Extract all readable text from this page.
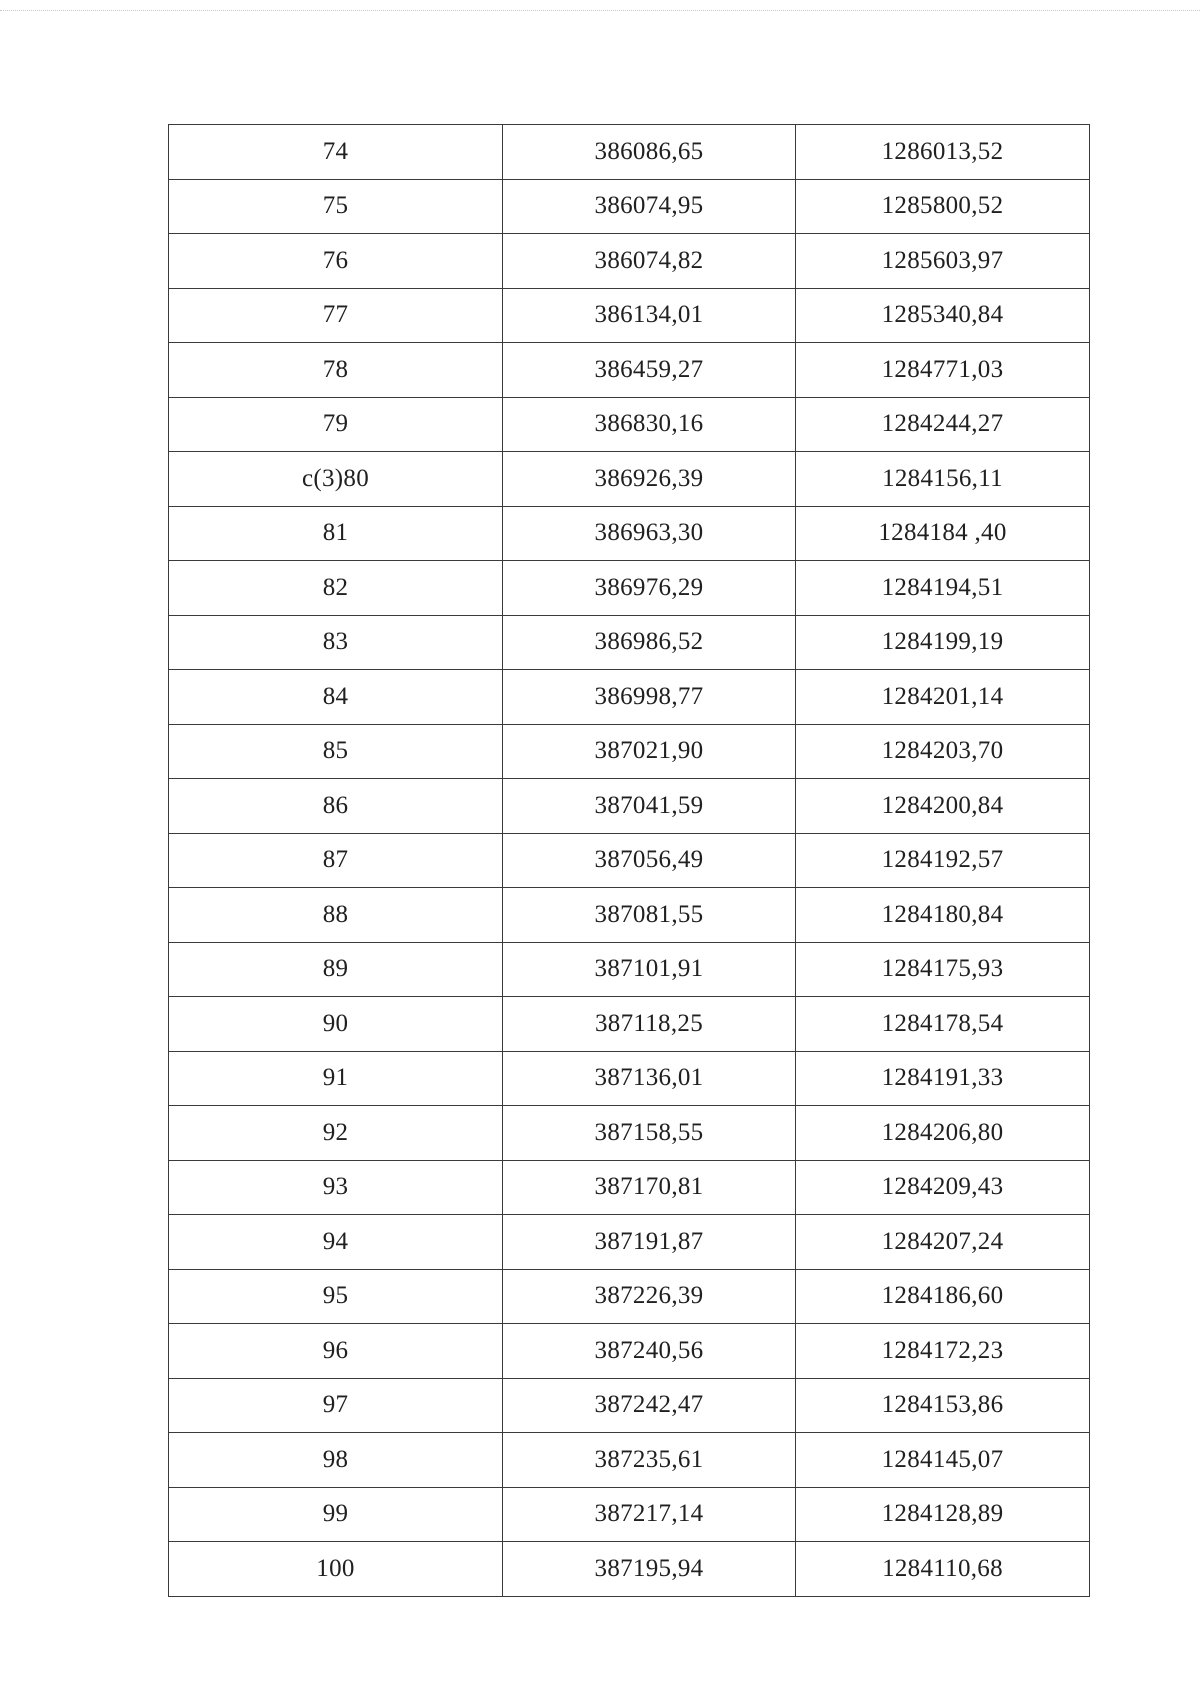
74	386086,65	1286013,52
75	386074,95	1285800,52
76	386074,82	1285603,97
77	386134,01	1285340,84
78	386459,27	1284771,03
79	386830,16	1284244,27
c(3)80	386926,39	1284156,11
81	386963,30	1284184 ,40
82	386976,29	1284194,51
83	386986,52	1284199,19
84	386998,77	1284201,14
85	387021,90	1284203,70
86	387041,59	1284200,84
87	387056,49	1284192,57
88	387081,55	1284180,84
89	387101,91	1284175,93
90	387118,25	1284178,54
91	387136,01	1284191,33
92	387158,55	1284206,80
93	387170,81	1284209,43
94	387191,87	1284207,24
95	387226,39	1284186,60
96	387240,56	1284172,23
97	387242,47	1284153,86
98	387235,61	1284145,07
99	387217,14	1284128,89
100	387195,94	1284110,68
